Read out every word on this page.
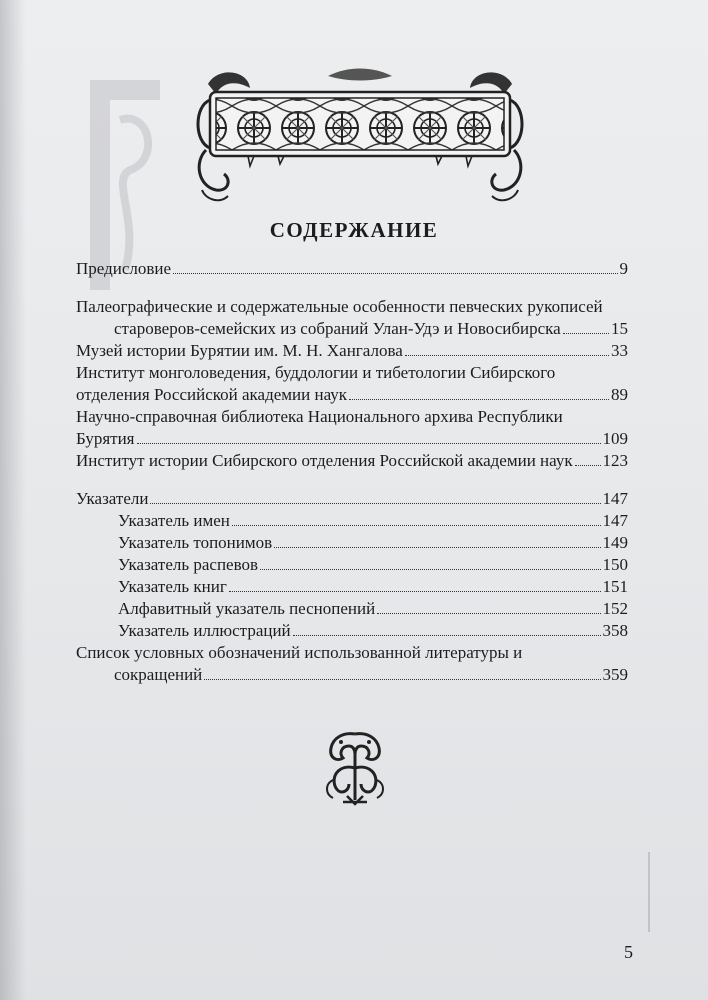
СОДЕРЖАНИЕ
Предисловие	9
Палеографические и содержательные особенности певческих рукописей
староверов-семейских из собраний Улан-Удэ и Новосибирска	15
Музей истории Бурятии им. М. Н. Хангалова	33
Институт монголоведения, буддологии и тибетологии Сибирского
отделения Российской академии наук	89
Научно-справочная библиотека Национального архива Республики
Бурятия	109
Институт истории Сибирского отделения Российской академии наук 123
Указатели	147
Указатель имен	147
Указатель топонимов	149
Указатель распевов	150
Указатель книг	151
Алфавитный указатель песнопений	152
Указатель иллюстраций	358
Список условных обозначений использованной литературы и
сокращений	359
5
